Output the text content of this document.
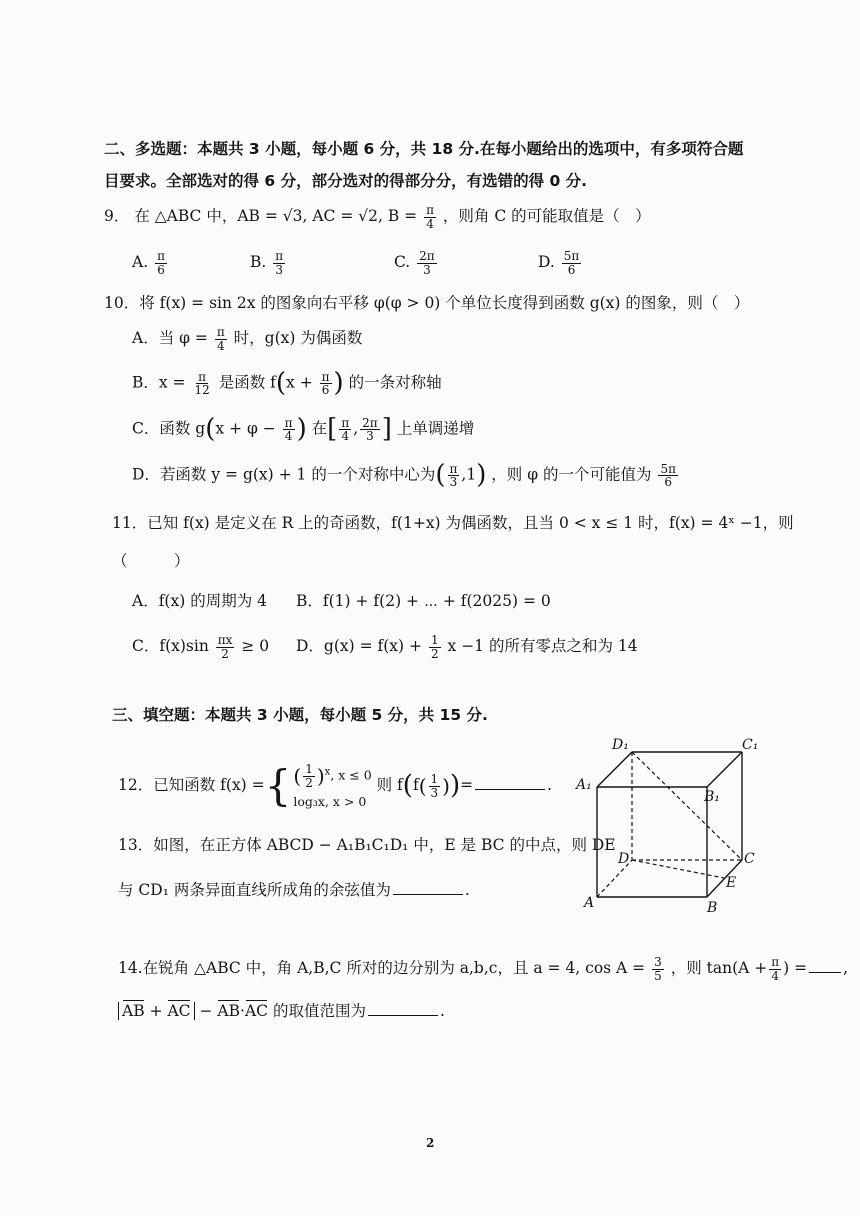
二、多选题：本题共 3 小题，每小题 6 分，共 18 分.在每小题给出的选项中，有多项符合题
目要求。全部选对的得 6 分，部分选对的得部分分，有选错的得 0 分.
9． 在 △ABC 中，AB = √3, AC = √2, $B = \frac{\pi}{4}$ ，则角 C 的可能取值是（　）
A. $\frac{\pi}{6}$	B. $\frac{\pi}{3}$	C. $\frac{2\pi}{3}$	D. $\frac{5\pi}{6}$
10．将 f(x) = sin 2x 的图象向右平移 φ(φ > 0) 个单位长度得到函数 g(x) 的图象，则（　）
A．当 $\varphi = \frac{\pi}{4}$ 时，g(x) 为偶函数
B．$x = \frac{\pi}{12}$ 是函数 $f(x + \frac{\pi}{6}$ ) 的一条对称轴
C．函数 $g(x + \varphi - \frac{\pi}{4}$ ) 在[ $\frac{\pi}{4}$ , $\frac{2\pi}{3}$ ] 上单调递增
D．若函数 y = g(x) + 1 的一个对称中心为( $\frac{\pi}{3} ,1$) ，则 φ 的一个可能值为 $\frac{5\pi}{6}$
11．已知 f(x) 是定义在 R 上的奇函数，f(1+x) 为偶函数，且当 0 < x ≤ 1 时，f(x) = 4ˣ −1，则
（　　　）
A．f(x) 的周期为 4 B．f(1) + f(2) + ⋯ + f(2025) = 0
C．$f(x)\sin \frac{\pi x}{2} \ge 0$ D．$g(x) = f(x) + \frac{1}{2}$ x −1 的所有零点之和为 14
三、填空题：本题共 3 小题，每小题 5 分，共 15 分.
12．已知函数 f(x) ={ ( $\frac{1}{2} )^x$, x ≤ 0
log₃x, x > 0
则 $f(f( \frac{1}{3}$ ))=	.
13．如图，在正方体 ABCD − A₁B₁C₁D₁ 中，E 是 BC 的中点，则 DE
与 CD₁ 两条异面直线所成角的余弦值为	.
D₁	C₁
A₁
B₁
D	C
E
A	B
14.在锐角 △ABC 中，角 A,B,C 所对的边分别为 a,b,c，且 a = 4, $\cos A = \frac{3}{5}$ ，则 $\tan(A + \frac{\pi}{4}$ ) = ,
AB + AC − AB·AC 的取值范围为	.
2
